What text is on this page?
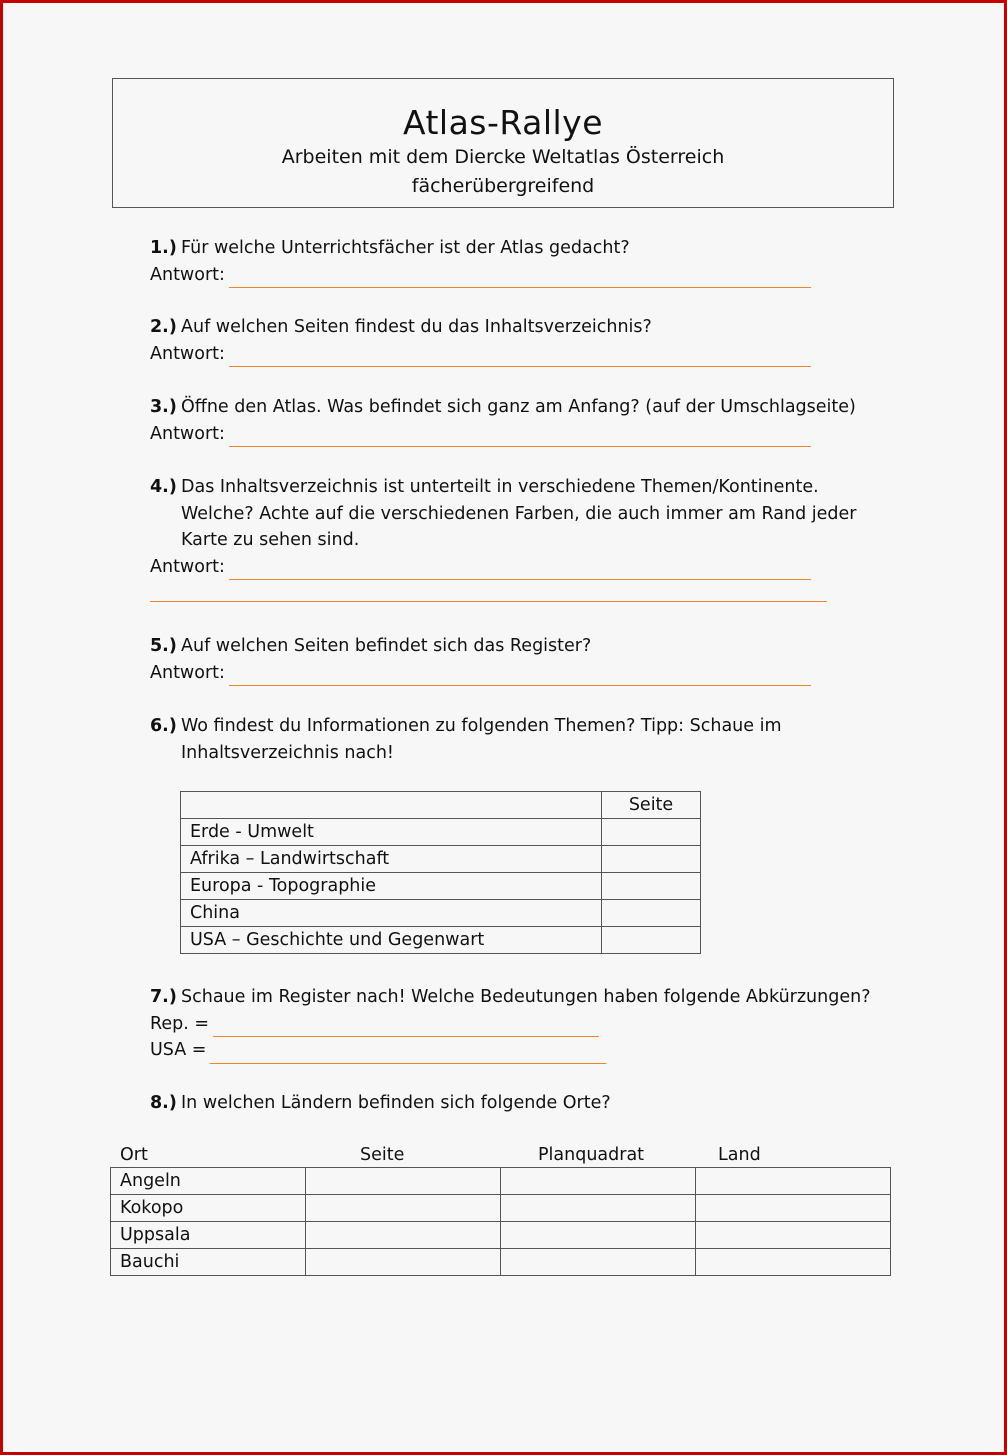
Atlas-Rallye
Arbeiten mit dem Diercke Weltatlas Österreich
fächerübergreifend
1.) Für welche Unterrichtsfächer ist der Atlas gedacht?
Antwort:
2.) Auf welchen Seiten findest du das Inhaltsverzeichnis?
Antwort:
3.) Öffne den Atlas. Was befindet sich ganz am Anfang? (auf der Umschlagseite)
Antwort:
4.) Das Inhaltsverzeichnis ist unterteilt in verschiedene Themen/Kontinente.
Welche? Achte auf die verschiedenen Farben, die auch immer am Rand jeder
Karte zu sehen sind.
Antwort:
5.) Auf welchen Seiten befindet sich das Register?
Antwort:
6.) Wo findest du Informationen zu folgenden Themen? Tipp: Schaue im
Inhaltsverzeichnis nach!
	Seite
Erde - Umwelt	
Afrika – Landwirtschaft	
Europa - Topographie	
China	
USA – Geschichte und Gegenwart	
7.) Schaue im Register nach! Welche Bedeutungen haben folgende Abkürzungen?
Rep. =
USA =
8.) In welchen Ländern befinden sich folgende Orte?
Ort	Seite	Planquadrat	Land
Angeln			
Kokopo			
Uppsala			
Bauchi			
